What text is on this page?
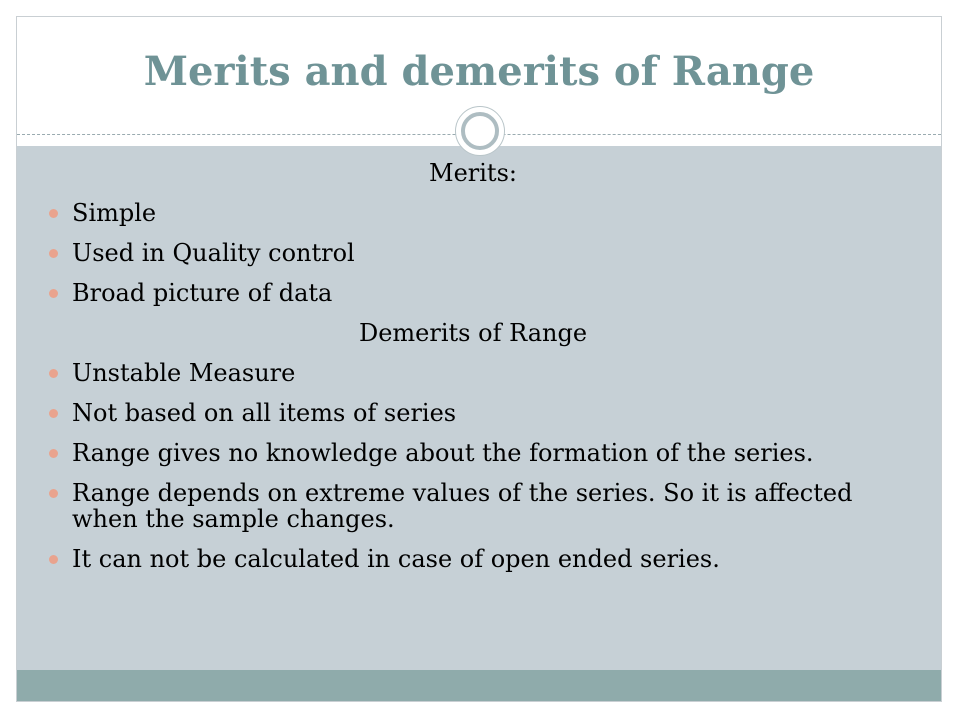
Merits and demerits of Range
Merits:
Simple
Used in Quality control
Broad picture of data
Demerits of Range
Unstable Measure
Not based on all items of series
Range gives no knowledge about the formation of the series.
Range depends on extreme values of the series. So it is affected when the sample changes.
It can not be calculated in case of open ended series.
